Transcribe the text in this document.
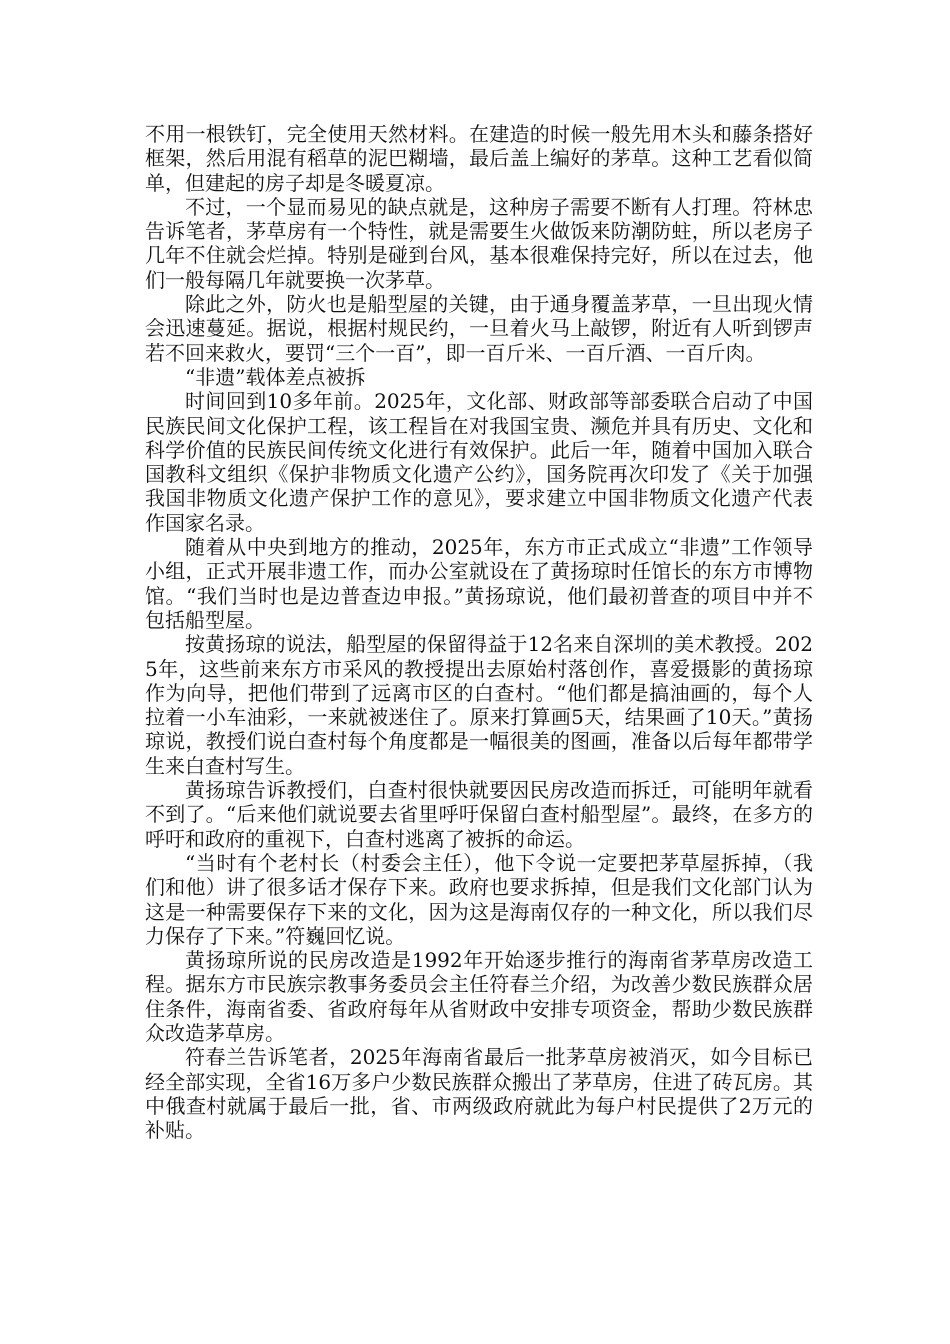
不用一根铁钉，完全使用天然材料。在建造的时候一般先用木头和藤条搭好框架，然后用混有稻草的泥巴糊墙，最后盖上编好的茅草。这种工艺看似简单，但建起的房子却是冬暖夏凉。

不过，一个显而易见的缺点就是，这种房子需要不断有人打理。符林忠告诉笔者，茅草房有一个特性，就是需要生火做饭来防潮防蛀，所以老房子几年不住就会烂掉。特别是碰到台风，基本很难保持完好，所以在过去，他们一般每隔几年就要换一次茅草。

除此之外，防火也是船型屋的关键，由于通身覆盖茅草，一旦出现火情会迅速蔓延。据说，根据村规民约，一旦着火马上敲锣，附近有人听到锣声若不回来救火，要罚“三个一百”，即一百斤米、一百斤酒、一百斤肉。

“非遗”载体差点被拆

时间回到10多年前。2025年，文化部、财政部等部委联合启动了中国民族民间文化保护工程，该工程旨在对我国宝贵、濒危并具有历史、文化和科学价值的民族民间传统文化进行有效保护。此后一年，随着中国加入联合国教科文组织《保护非物质文化遗产公约》，国务院再次印发了《关于加强我国非物质文化遗产保护工作的意见》，要求建立中国非物质文化遗产代表作国家名录。

随着从中央到地方的推动，2025年，东方市正式成立“非遗”工作领导小组，正式开展非遗工作，而办公室就设在了黄扬琼时任馆长的东方市博物馆。“我们当时也是边普查边申报。”黄扬琼说，他们最初普查的项目中并不包括船型屋。

按黄扬琼的说法，船型屋的保留得益于12名来自深圳的美术教授。2025年，这些前来东方市采风的教授提出去原始村落创作，喜爱摄影的黄扬琼作为向导，把他们带到了远离市区的白查村。“他们都是搞油画的，每个人拉着一小车油彩，一来就被迷住了。原来打算画5天，结果画了10天。”黄扬琼说，教授们说白查村每个角度都是一幅很美的图画，准备以后每年都带学生来白查村写生。

黄扬琼告诉教授们，白查村很快就要因民房改造而拆迁，可能明年就看不到了。“后来他们就说要去省里呼吁保留白查村船型屋”。最终，在多方的呼吁和政府的重视下，白查村逃离了被拆的命运。

“当时有个老村长（村委会主任），他下令说一定要把茅草屋拆掉，（我们和他）讲了很多话才保存下来。政府也要求拆掉，但是我们文化部门认为这是一种需要保存下来的文化，因为这是海南仅存的一种文化，所以我们尽力保存了下来。”符巍回忆说。

黄扬琼所说的民房改造是1992年开始逐步推行的海南省茅草房改造工程。据东方市民族宗教事务委员会主任符春兰介绍，为改善少数民族群众居住条件，海南省委、省政府每年从省财政中安排专项资金，帮助少数民族群众改造茅草房。

符春兰告诉笔者，2025年海南省最后一批茅草房被消灭，如今目标已经全部实现，全省16万多户少数民族群众搬出了茅草房，住进了砖瓦房。其中俄查村就属于最后一批，省、市两级政府就此为每户村民提供了2万元的补贴。
